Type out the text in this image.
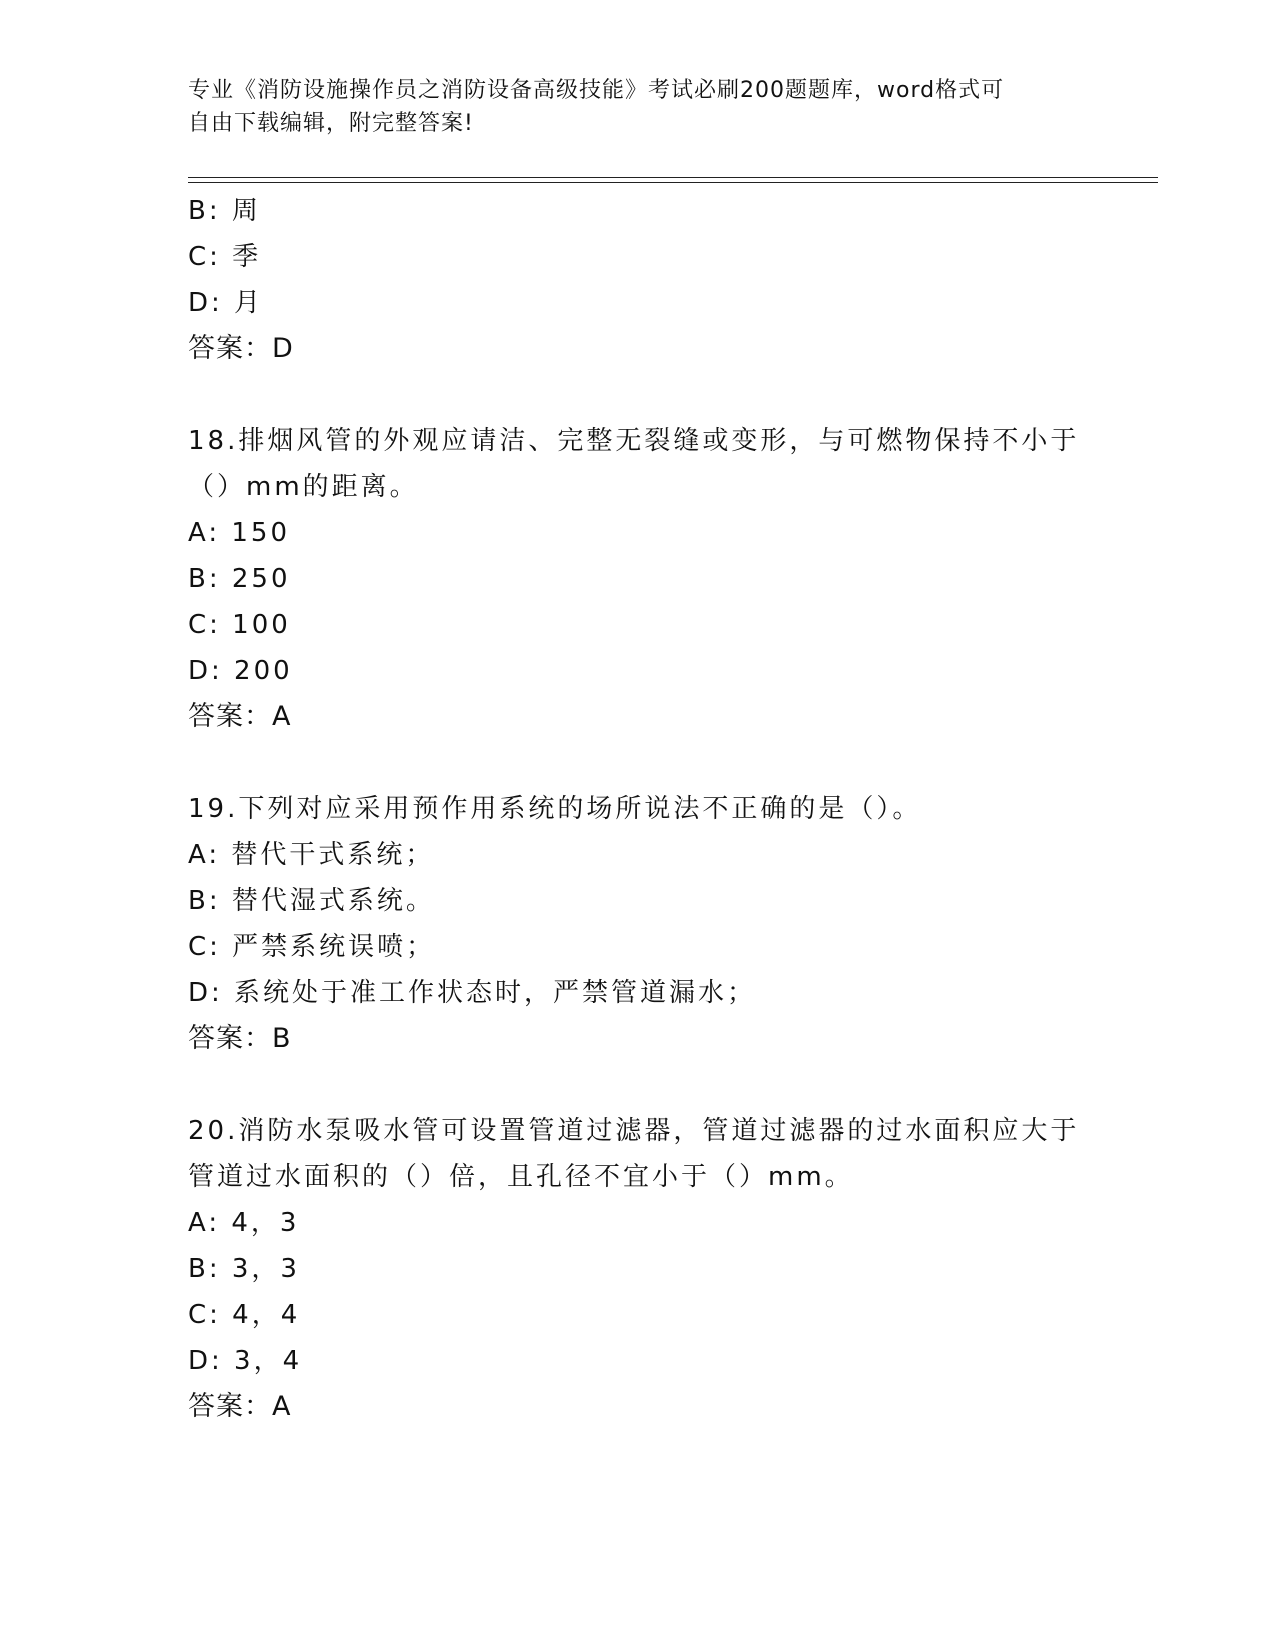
专业《消防设施操作员之消防设备高级技能》考试必刷200题题库，word格式可
自由下载编辑，附完整答案!
B: 周
C: 季
D: 月
答案：D
18.排烟风管的外观应请洁、完整无裂缝或变形，与可燃物保持不小于
（）mm的距离。
A: 150
B: 250
C: 100
D: 200
答案：A
19.下列对应采用预作用系统的场所说法不正确的是（）。
A: 替代干式系统；
B: 替代湿式系统。
C: 严禁系统误喷；
D: 系统处于准工作状态时，严禁管道漏水；
答案：B
20.消防水泵吸水管可设置管道过滤器，管道过滤器的过水面积应大于
管道过水面积的（）倍，且孔径不宜小于（）mm。
A: 4，3
B: 3，3
C: 4，4
D: 3，4
答案：A
